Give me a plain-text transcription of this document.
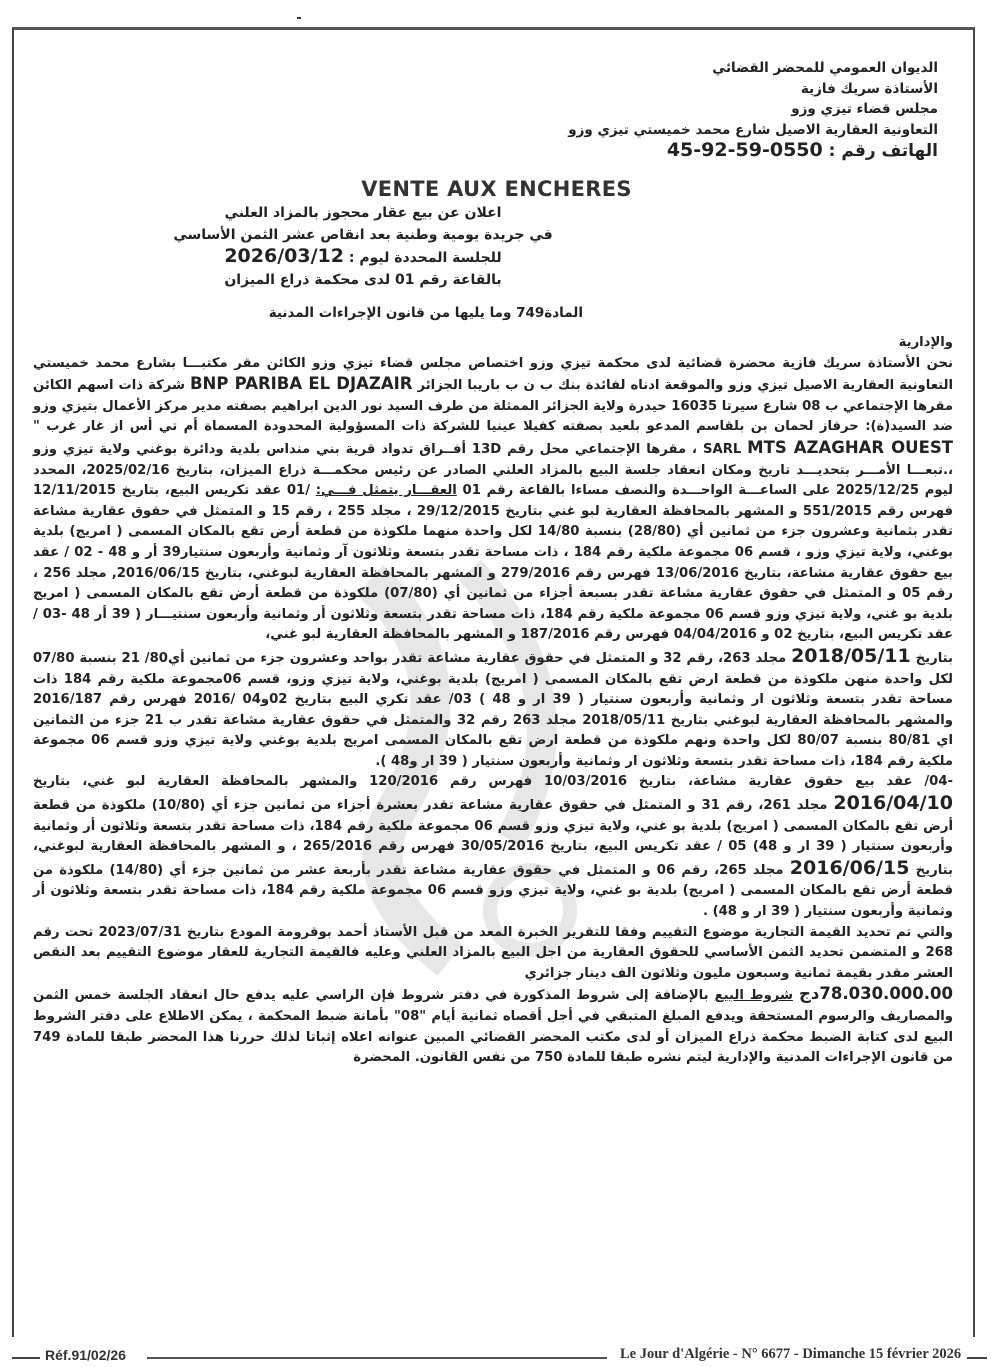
الديوان العمومي للمحضر القضائي
الأستاذة سريك فازية
مجلس قضاء تيزي وزو
التعاونية العقارية الاصيل شارع محمد خميستي تيزي وزو
الهاتف رقم : 0550-59-92-45
VENTE AUX ENCHERES
اعلان عن بيع عقار محجوز بالمزاد العلني
في جريدة يومية وطنية بعد انقاص عشر الثمن الأساسي
للجلسة المحددة ليوم : 2026/03/12
بالقاعة رقم 01 لدى محكمة ذراع الميزان
المادة749 وما يليها من قانون الإجراءات المدنية

والإدارية

نحن الأستاذة سريك فازية محضرة قضائية لدى محكمة تيزي وزو اختصاص مجلس قضاء تيزي وزو الكائن مقر مكتبـــا بشارع محمد خميستي التعاونية العقارية الاصيل تيزي وزو والموقعة ادناه لفائدة بنك ب ن ب باريبا الجزائر BNP PARIBA EL DJAZAIR شركة ذات اسهم الكائن مقرها الإجتماعي ب 08 شارع سيرتا 16035 حيدرة ولاية الجزائر الممثلة من طرف السيد نور الدين ابراهيم بصفته مدير مركز الأعمال بتيزي وزو ضد السيد(ة): حرفاز لحمان بن بلقاسم المدعو بلعيد بصفته كفيلا عينيا للشركة ذات المسؤولية المحدودة المسماة أم تي أس از غار غرب " SARL MTS AZAGHAR OUEST ، مقرها الإجتماعي محل رقم 13D أفــراق تدواد قرية بني منداس بلدية ودائرة بوغني ولاية تيزي وزو ،.تبعـــا الأمـــر بتحديـــد تاريخ ومكان انعقاد جلسة البيع بالمزاد العلني الصادر عن رئيس محكمـــة ذراع الميزان، بتاريخ 2025/02/16، المحدد ليوم 2025/12/25 على الساعـــة الواحـــدة والنصف مساءا بالقاعة رقم 01 العقـــار يتمثل فـــي: /01 عقد تكريس البيع، بتاريخ 12/11/2015 فهرس رقم 551/2015 و المشهر بالمحافظة العقارية لبو غني بتاريخ 29/12/2015 ، مجلد 255 ، رقم 15 و المتمثل في حقوق عقارية مشاعة تقدر بثمانية وعشرون جزء من ثمانين أي (28/80) بنسبة 14/80 لكل واحدة منهما ملكوذة من قطعة أرض تقع بالمكان المسمى ( امريج) بلدية بوغني، ولاية تيزي وزو ، قسم 06 مجموعة ملكية رقم 184 ، ذات مساحة تقدر بتسعة وثلاثون آر وثمانية وأربعون سنتيار39 أر و 48 - 02 / عقد بيع حقوق عقارية مشاعة، بتاريخ 13/06/2016 فهرس رقم 279/2016 و المشهر بالمحافظة العقارية لبوغني، بتاريخ 2016/06/15, مجلد 256 ، رقم 05 و المتمثل في حقوق عقارية مشاعة تقدر بسبعة أجزاء من ثمانين أي (07/80) ملكوذة من قطعة أرض تقع بالمكان المسمى ( امريج بلدية بو غني، ولاية تيزي وزو قسم 06 مجموعة ملكية رقم 184، ذات مساحة تقدر بتسعة وثلاثون أر وثمانية وأربعون سنتيـــار ( 39 أر 48 -03 /عقد تكريس البيع، بتاريخ 02 و 04/04/2016 فهرس رقم 187/2016 و المشهر بالمحافظة العقارية لبو غني،

بتاريخ 2018/05/11 مجلد 263، رقم 32 و المتمثل في حقوق عقارية مشاعة تقدر بواحد وعشرون جزء من ثمانين أي80/ 21 بنسبة 07/80 لكل واحدة منهن ملكوذة من قطعة ارض تقع بالمكان المسمى ( امريج) بلدية بوغني، ولاية تيزي وزو، قسم 06مجموعة ملكية رقم 184 ذات مساحة تقدر بتسعة وثلاثون ار وثمانية وأربعون سنتيار ( 39 ار و 48 ) 03/ عقد تكري البيع بتاريخ 02و04 /2016 فهرس رقم 2016/187 والمشهر بالمحافظة العقارية لبوغني بتاريخ 2018/05/11 مجلد 263 رقم 32 والمتمثل في حقوق عقارية مشاعة تقدر ب 21 جزء من الثمانين اي 80/81 بنسبة 80/07 لكل واحدة ونهم ملكوذة من قطعة ارض تقع بالمكان المسمى امريج بلدية بوغني ولاية تيزي وزو قسم 06 مجموعة ملكية رقم 184، ذات مساحة تقدر بتسعة وثلاثون ار وثمانية وأربعون سنتيار ( 39 ار و48 ).

-04/ عقد بيع حقوق عقارية مشاعة، بتاريخ 10/03/2016 فهرس رقم 120/2016 والمشهر بالمحافظة العقارية لبو غني، بتاريخ 2016/04/10 مجلد 261، رقم 31 و المتمثل في حقوق عقارية مشاعة تقدر بعشرة أجزاء من ثمانين جزء أي (10/80) ملكوذة من قطعة أرض تقع بالمكان المسمى ( امريج) بلدية بو غني، ولاية تيزي وزو قسم 06 مجموعة ملكية رقم 184، ذات مساحة تقدر بتسعة وثلاثون أر وثمانية وأربعون سنتيار ( 39 ار و 48) 05 / عقد تكريس البيع، بتاريخ 30/05/2016 فهرس رقم 265/2016 ، و المشهر بالمحافظة العقارية لبوغني، بتاريخ 2016/06/15 مجلد 265، رقم 06 و المتمثل في حقوق عقارية مشاعة تقدر بأربعة عشر من ثمانين جزء أي (14/80) ملكوذة من قطعة أرض تقع بالمكان المسمى ( امريج) بلدية بو غني، ولاية تيزي وزو قسم 06 مجموعة ملكية رقم 184، ذات مساحة تقدر بتسعة وثلاثون أر وثمانية وأربعون سنتيار ( 39 ار و 48) .

والتي تم تحديد القيمة التجارية موضوع التقييم وفقا للتقرير الخبرة المعد من قبل الأستاذ أحمد بوقرومة المودع بتاريخ 2023/07/31 تحت رقم 268 و المتضمن تحديد الثمن الأساسي للحقوق العقارية من اجل البيع بالمزاد العلني وعليه فالقيمة التجارية للعقار موضوع التقييم بعد النقص العشر مقدر بقيمة ثمانية وسبعون مليون وثلاثون الف دينار جزائري

78.030.000.00دج شروط البيع بالإضافة إلى شروط المذكورة في دفتر شروط فإن الراسي عليه يدفع حال انعقاد الجلسة خمس الثمن والمصاريف والرسوم المستحقة ويدفع المبلغ المتبقي في أجل أقصاه ثمانية أيام "08" بأمانة ضبط المحكمة ، يمكن الاطلاع على دفتر الشروط البيع لدى كتابة الضبط محكمة ذراع الميزان أو لدى مكتب المحضر القضائي المبين عنوانه اعلاه إثباتا لذلك حررنا هذا المحضر طبقا للمادة 749 من قانون الإجراءات المدنية والإدارية ليتم نشره طبقا للمادة 750 من نفس القانون. المحضرة

Réf.91/02/26	Le Jour d'Algérie - N° 6677 - Dimanche 15 février 2026
